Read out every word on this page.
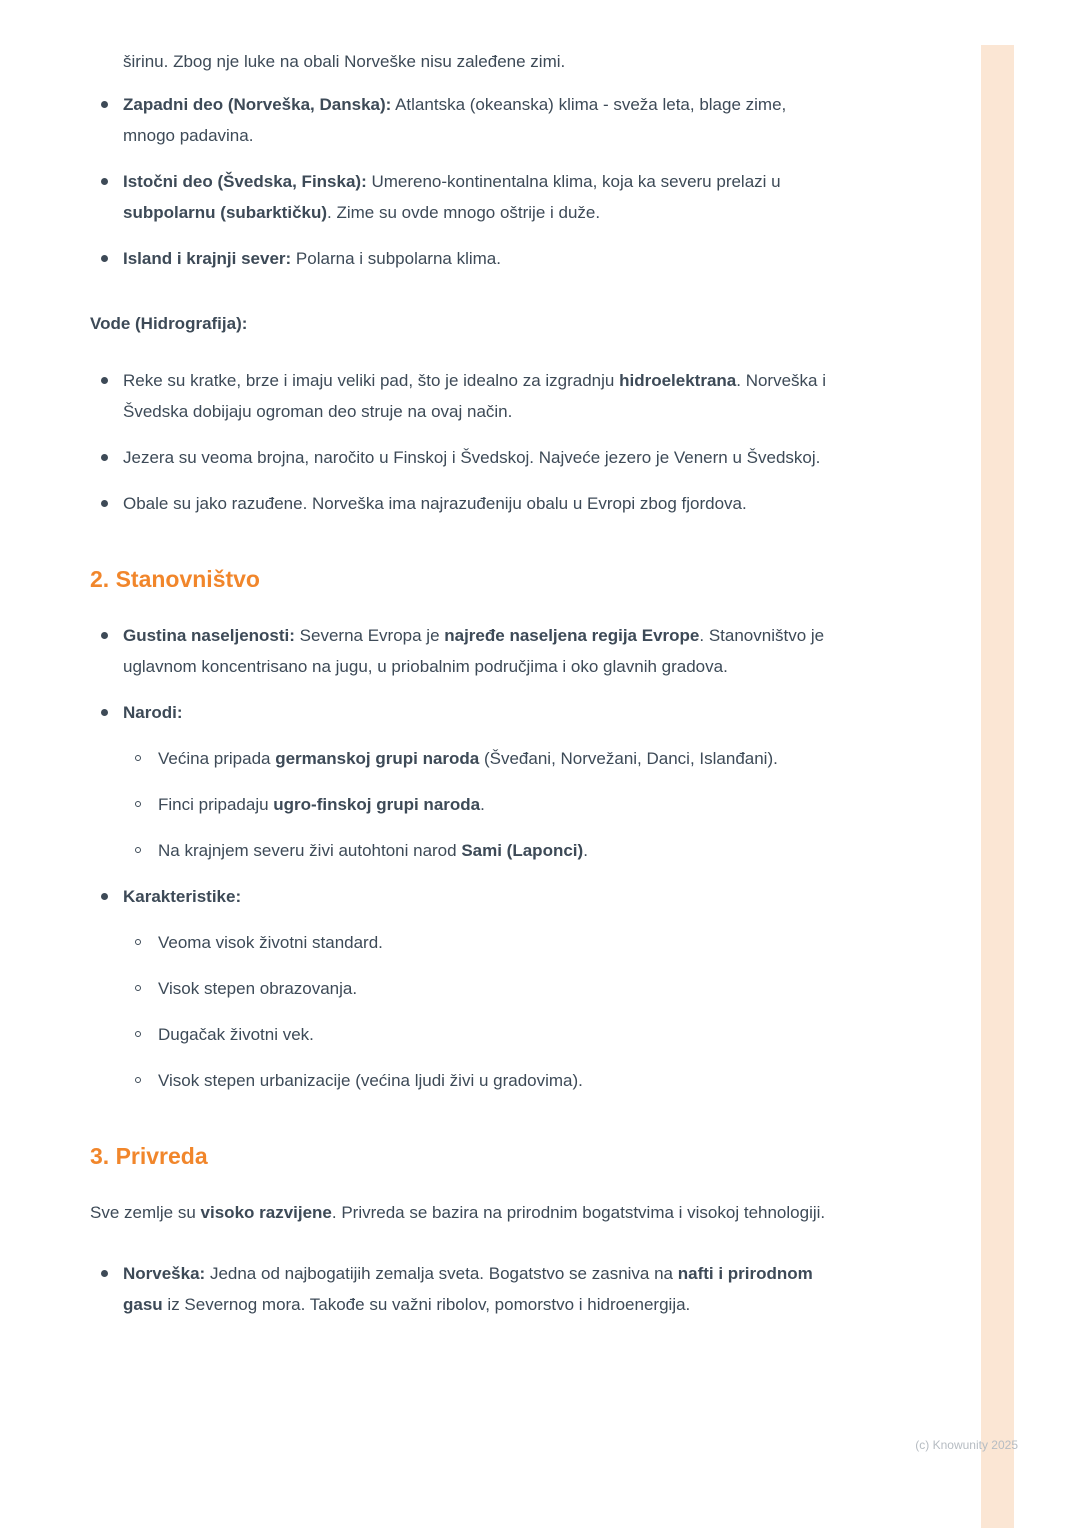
širinu. Zbog nje luke na obali Norveške nisu zaleđene zimi.

Zapadni deo (Norveška, Danska): Atlantska (okeanska) klima - sveža leta, blage zime, mnogo padavina.
Istočni deo (Švedska, Finska): Umereno-kontinentalna klima, koja ka severu prelazi u subpolarnu (subarktičku). Zime su ovde mnogo oštrije i duže.
Island i krajnji sever: Polarna i subpolarna klima.

Vode (Hidrografija):

Reke su kratke, brze i imaju veliki pad, što je idealno za izgradnju hidroelektrana. Norveška i Švedska dobijaju ogroman deo struje na ovaj način.
Jezera su veoma brojna, naročito u Finskoj i Švedskoj. Najveće jezero je Venern u Švedskoj.
Obale su jako razuđene. Norveška ima najrazuđeniju obalu u Evropi zbog fjordova.
2. Stanovništvo
Gustina naseljenosti: Severna Evropa je najređe naseljena regija Evrope. Stanovništvo je uglavnom koncentrisano na jugu, u priobalnim područjima i oko glavnih gradova.
Narodi:
Većina pripada germanskoj grupi naroda (Šveđani, Norvežani, Danci, Islanđani).
Finci pripadaju ugro-finskoj grupi naroda.
Na krajnjem severu živi autohtoni narod Sami (Laponci).
Karakteristike:
Veoma visok životni standard.
Visok stepen obrazovanja.
Dugačak životni vek.
Visok stepen urbanizacije (većina ljudi živi u gradovima).
3. Privreda

Sve zemlje su visoko razvijene. Privreda se bazira na prirodnim bogatstvima i visokoj tehnologiji.

Norveška: Jedna od najbogatijih zemalja sveta. Bogatstvo se zasniva na nafti i prirodnom gasu iz Severnog mora. Takođe su važni ribolov, pomorstvo i hidroenergija.
(c) Knowunity 2025
